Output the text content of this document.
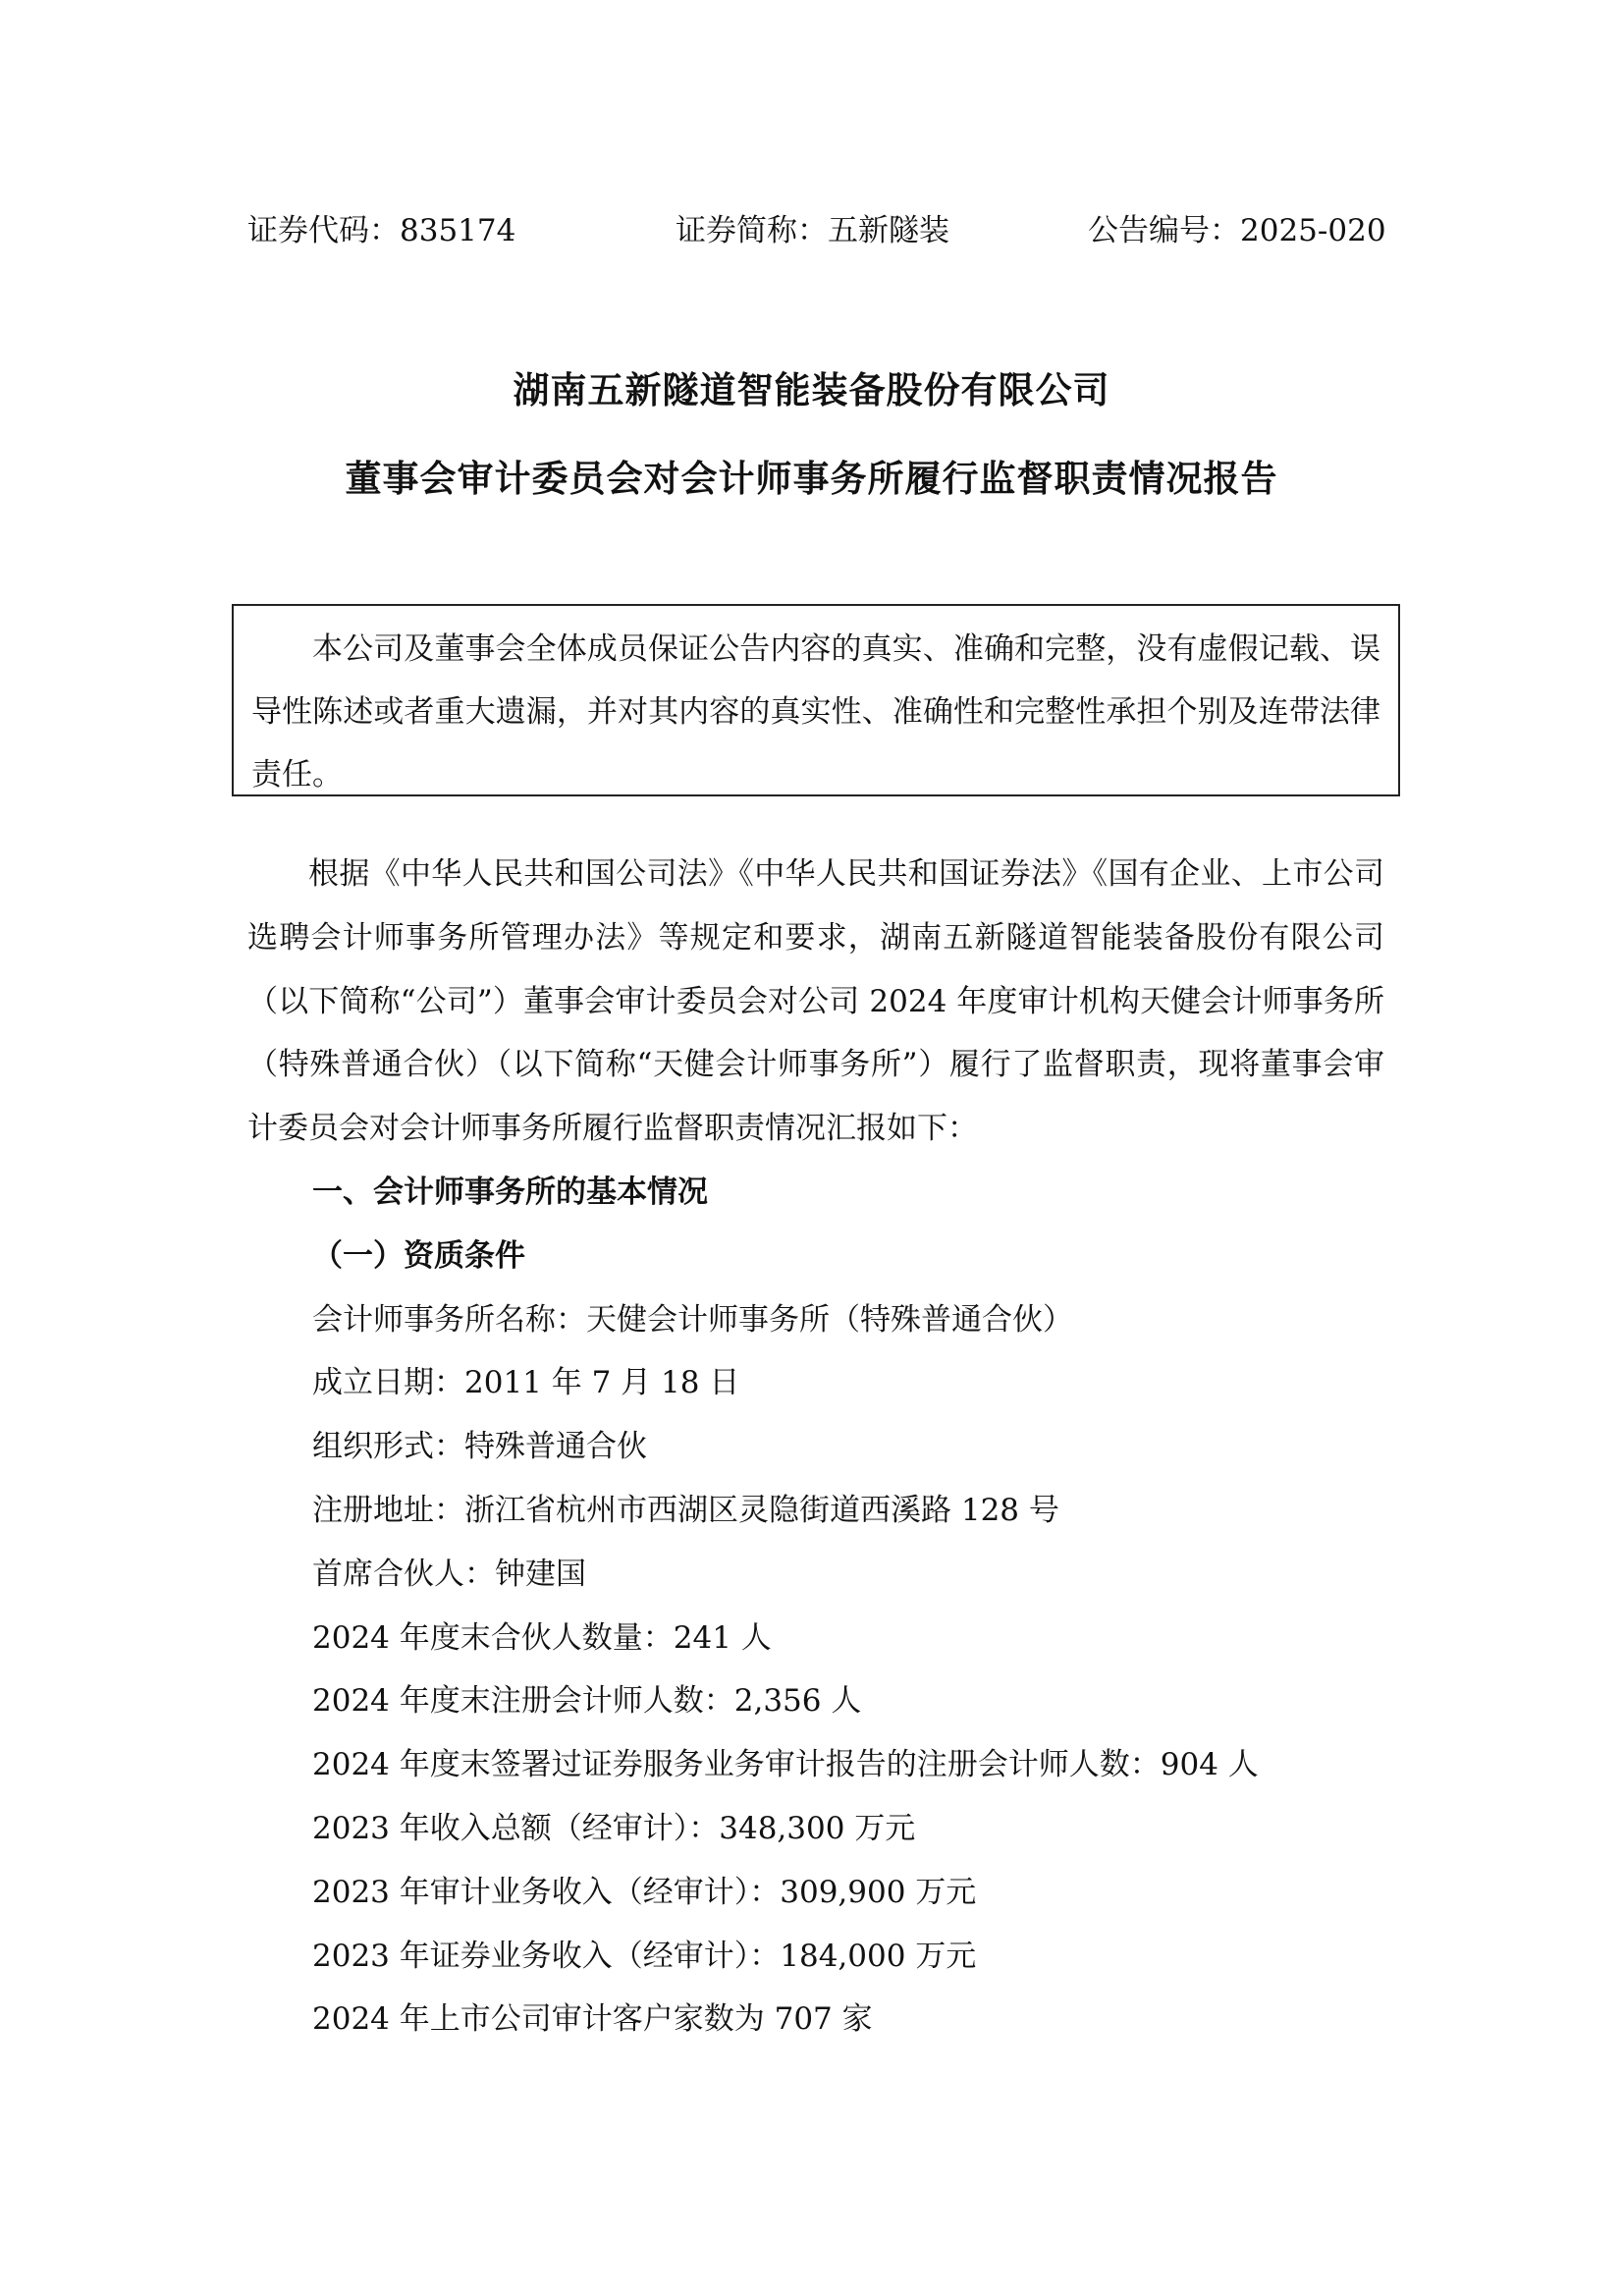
证券代码：835174	证券简称：五新隧装	公告编号：2025-020
湖南五新隧道智能装备股份有限公司
董事会审计委员会对会计师事务所履行监督职责情况报告

本公司及董事会全体成员保证公告内容的真实、准确和完整，没有虚假记载、误导性陈述或者重大遗漏，并对其内容的真实性、准确性和完整性承担个别及连带法律责任。

根据《中华人民共和国公司法》《中华人民共和国证券法》《国有企业、上市公司选聘会计师事务所管理办法》等规定和要求，湖南五新隧道智能装备股份有限公司（以下简称“公司”）董事会审计委员会对公司 2024 年度审计机构天健会计师事务所（特殊普通合伙）（以下简称“天健会计师事务所”）履行了监督职责，现将董事会审计委员会对会计师事务所履行监督职责情况汇报如下：

一、会计师事务所的基本情况

（一）资质条件

会计师事务所名称：天健会计师事务所（特殊普通合伙）

成立日期：2011 年 7 月 18 日

组织形式：特殊普通合伙

注册地址：浙江省杭州市西湖区灵隐街道西溪路 128 号

首席合伙人：钟建国

2024 年度末合伙人数量：241 人

2024 年度末注册会计师人数：2,356 人

2024 年度末签署过证券服务业务审计报告的注册会计师人数：904 人

2023 年收入总额（经审计）：348,300 万元

2023 年审计业务收入（经审计）：309,900 万元

2023 年证券业务收入（经审计）：184,000 万元

2024 年上市公司审计客户家数为 707 家
